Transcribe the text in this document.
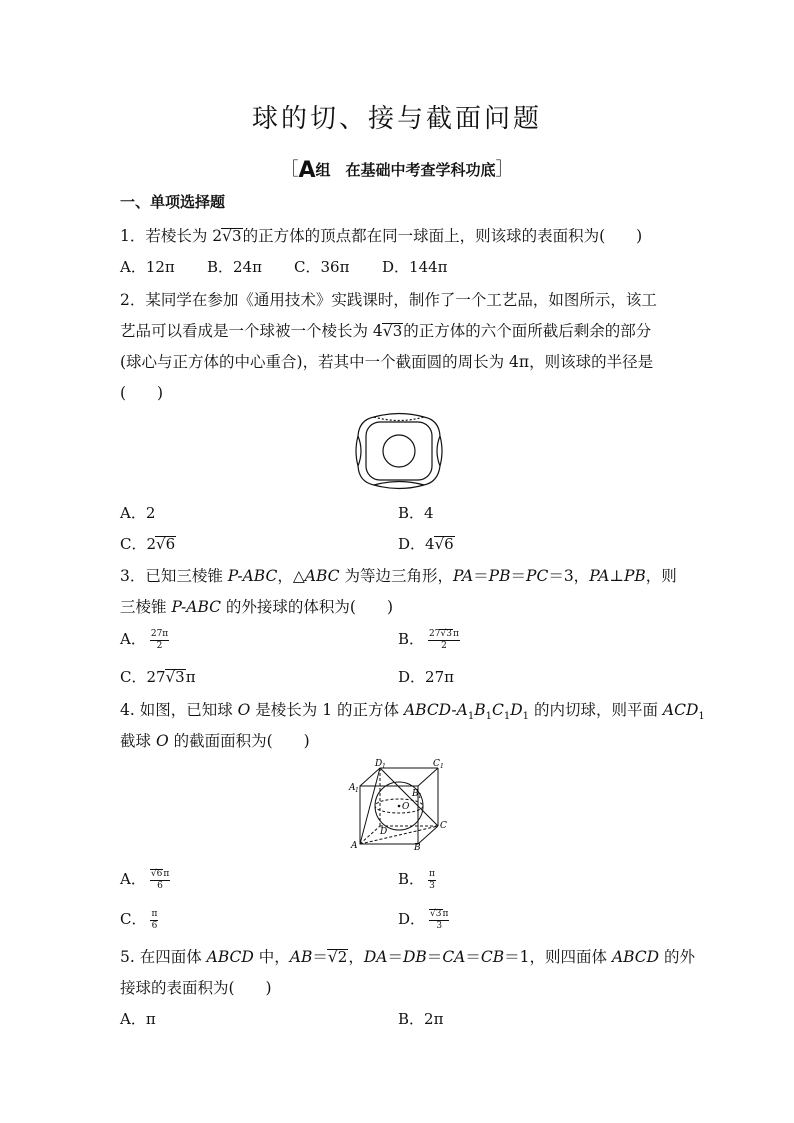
球的切、接与截面问题
［A组　在基础中考查学科功底］
一、单项选择题
1．若棱长为 2√3的正方体的顶点都在同一球面上，则该球的表面积为(　　)
A．12π B．24π C．36π D．144π
2．某同学在参加《通用技术》实践课时，制作了一个工艺品，如图所示，该工
艺品可以看成是一个球被一个棱长为 4√3的正方体的六个面所截后剩余的部分
(球心与正方体的中心重合)，若其中一个截面圆的周长为 4π，则该球的半径是
(　　)
A．2	B．4
C．2√6	D．4√6
3．已知三棱锥 P-ABC，△ABC 为等边三角形，PA＝PB＝PC＝3，PA⊥PB，则
三棱锥 P-ABC 的外接球的体积为(　　)
A． $\frac{27\pi}{2}$	B． $\frac{27√3\pi}{2}$
C．27√3π	D．27π
4. 如图，已知球 O 是棱长为 1 的正方体 ABCD-$A_1B_1C_1D_1$ 的内切球，则平面 $ACD_1$
截球 O 的截面面积为(　　)
D 1	C 1
A 1	B 1
O
D
C
A	B
A． $\frac{√6\pi}{6}$	B． $\frac{\pi}{3}$
C． $\frac{\pi}{6}$	D． $\frac{√3\pi}{3}$
5. 在四面体 ABCD 中，AB＝√2，DA＝DB＝CA＝CB＝1，则四面体 ABCD 的外
接球的表面积为(　　)
A．π	B．2π
